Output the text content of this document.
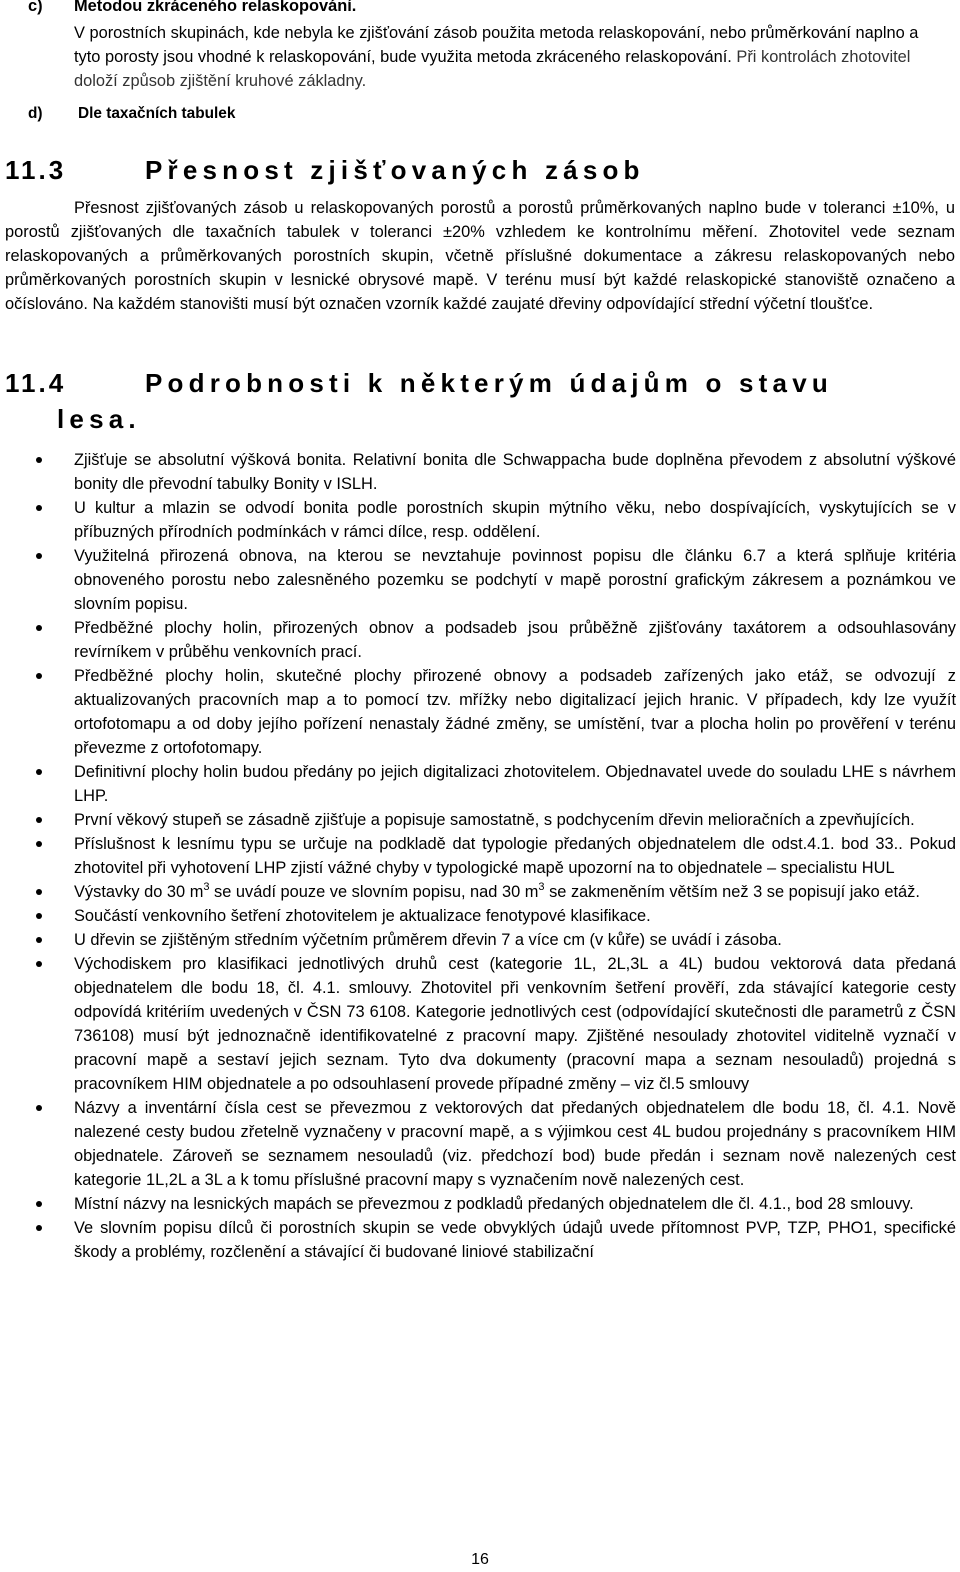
c) Metodou zkráceného relaskopování.
V porostních skupinách, kde nebyla ke zjišťování zásob použita metoda relaskopování, nebo průměrkování naplno a tyto porosty jsou vhodné k relaskopování, bude využita metoda zkráceného relaskopování. Při kontrolách zhotovitel doloží způsob zjištění kruhové základny.
d) Dle taxačních tabulek
11.3	Přesnost zjišťovaných zásob
Přesnost zjišťovaných zásob u relaskopovaných porostů a porostů průměrkovaných naplno bude v toleranci ±10%, u porostů zjišťovaných dle taxačních tabulek v toleranci ±20% vzhledem ke kontrolnímu měření. Zhotovitel vede seznam relaskopovaných a průměrkovaných porostních skupin, včetně příslušné dokumentace a zákresu relaskopovaných nebo průměrkovaných porostních skupin v lesnické obrysové mapě. V terénu musí být každé relaskopické stanoviště označeno a očíslováno. Na každém stanovišti musí být označen vzorník každé zaujaté dřeviny odpovídající střední výčetní tloušťce.
11.4	Podrobnosti k některým údajům o stavu
lesa.
Zjišťuje se absolutní výšková bonita. Relativní bonita dle Schwappacha bude doplněna převodem z absolutní výškové bonity dle převodní tabulky Bonity v ISLH.
U kultur a mlazin se odvodí bonita podle porostních skupin mýtního věku, nebo dospívajících, vyskytujících se v příbuzných přírodních podmínkách v rámci dílce, resp. oddělení.
Využitelná přirozená obnova, na kterou se nevztahuje povinnost popisu dle článku 6.7 a která splňuje kritéria obnoveného porostu nebo zalesněného pozemku se podchytí v mapě porostní grafickým zákresem a poznámkou ve slovním popisu.
Předběžné plochy holin, přirozených obnov a podsadeb jsou průběžně zjišťovány taxátorem a odsouhlasovány revírníkem v průběhu venkovních prací.
Předběžné plochy holin, skutečné plochy přirozené obnovy a podsadeb zařízených jako etáž, se odvozují z aktualizovaných pracovních map a to pomocí tzv. mřížky nebo digitalizací jejich hranic. V případech, kdy lze využít ortofotomapu a od doby jejího pořízení nenastaly žádné změny, se umístění, tvar a plocha holin po prověření v terénu převezme z ortofotomapy.
Definitivní plochy holin budou předány po jejich digitalizaci zhotovitelem. Objednavatel uvede do souladu LHE s návrhem LHP.
První věkový stupeň se zásadně zjišťuje a popisuje samostatně, s podchycením dřevin melioračních a zpevňujících.
Příslušnost k lesnímu typu se určuje na podkladě dat typologie předaných objednatelem dle odst.4.1. bod 33.. Pokud zhotovitel při vyhotovení LHP zjistí vážné chyby v typologické mapě upozorní na to objednatele – specialistu HUL
Výstavky do 30 $m^3$ se uvádí pouze ve slovním popisu, nad 30 $m^3$ se zakmeněním větším než 3 se popisují jako etáž.
Součástí venkovního šetření zhotovitelem je aktualizace fenotypové klasifikace.
U dřevin se zjištěným středním výčetním průměrem dřevin 7 a více cm (v kůře) se uvádí i zásoba.
Východiskem pro klasifikaci jednotlivých druhů cest (kategorie 1L, 2L,3L a 4L) budou vektorová data předaná objednatelem dle bodu 18, čl. 4.1. smlouvy. Zhotovitel při venkovním šetření prověří, zda stávající kategorie cesty odpovídá kritériím uvedených v ČSN 73 6108. Kategorie jednotlivých cest (odpovídající skutečnosti dle parametrů z ČSN 736108) musí být jednoznačně identifikovatelné z pracovní mapy. Zjištěné nesoulady zhotovitel viditelně vyznačí v pracovní mapě a sestaví jejich seznam. Tyto dva dokumenty (pracovní mapa a seznam nesouladů) projedná s pracovníkem HIM objednatele a po odsouhlasení provede případné změny – viz čl.5 smlouvy
Názvy a inventární čísla cest se převezmou z vektorových dat předaných objednatelem dle bodu 18, čl. 4.1. Nově nalezené cesty budou zřetelně vyznačeny v pracovní mapě, a s výjimkou cest 4L budou projednány s pracovníkem HIM objednatele. Zároveň se seznamem nesouladů (viz. předchozí bod) bude předán i seznam nově nalezených cest kategorie 1L,2L a 3L a k tomu příslušné pracovní mapy s vyznačením nově nalezených cest.
Místní názvy na lesnických mapách se převezmou z podkladů předaných objednatelem dle čl. 4.1., bod 28 smlouvy.
Ve slovním popisu dílců či porostních skupin se vede obvyklých údajů uvede přítomnost PVP, TZP, PHO1, specifické škody a problémy, rozčlenění a stávající či budované liniové stabilizační
16
